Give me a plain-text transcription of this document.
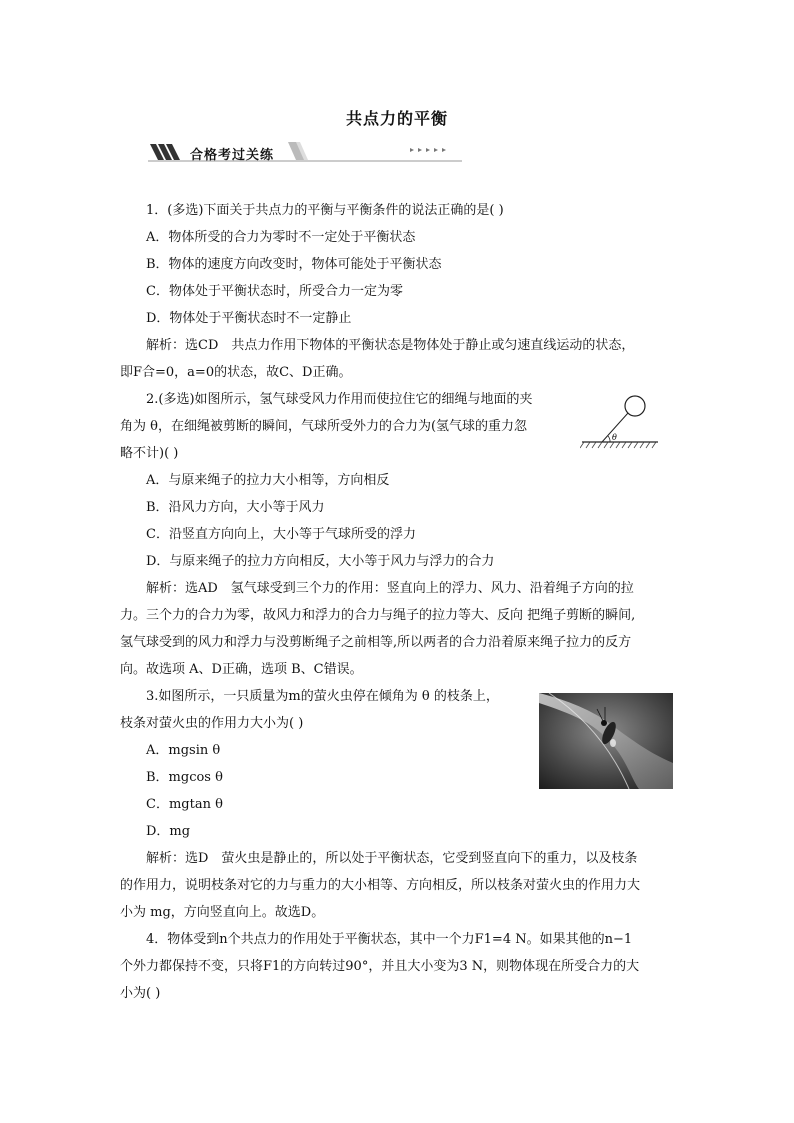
共点力的平衡
合格考过关练
1．(多选)下面关于共点力的平衡与平衡条件的说法正确的是( )
A．物体所受的合力为零时不一定处于平衡状态
B．物体的速度方向改变时，物体可能处于平衡状态
C．物体处于平衡状态时，所受合力一定为零
D．物体处于平衡状态时不一定静止
解析：选CD　共点力作用下物体的平衡状态是物体处于静止或匀速直线运动的状态，
即F合=0，a=0的状态，故C、D正确。
2.(多选)如图所示，氢气球受风力作用而使拉住它的细绳与地面的夹
角为 θ，在细绳被剪断的瞬间，气球所受外力的合力为(氢气球的重力忽
略不计)( )
A．与原来绳子的拉力大小相等，方向相反
B．沿风力方向，大小等于风力
C．沿竖直方向向上，大小等于气球所受的浮力
D．与原来绳子的拉力方向相反，大小等于风力与浮力的合力
解析：选AD　氢气球受到三个力的作用：竖直向上的浮力、风力、沿着绳子方向的拉
力。三个力的合力为零，故风力和浮力的合力与绳子的拉力等大、反向 把绳子剪断的瞬间,
氢气球受到的风力和浮力与没剪断绳子之前相等,所以两者的合力沿着原来绳子拉力的反方
向。故选项 A、D正确，选项 B、C错误。
3.如图所示，一只质量为m的萤火虫停在倾角为 θ 的枝条上，
枝条对萤火虫的作用力大小为( )
A．mgsin θ
B．mgcos θ
C．mgtan θ
D．mg
解析：选D　萤火虫是静止的，所以处于平衡状态，它受到竖直向下的重力，以及枝条
的作用力，说明枝条对它的力与重力的大小相等、方向相反，所以枝条对萤火虫的作用力大
小为 mg，方向竖直向上。故选D。
4．物体受到n个共点力的作用处于平衡状态，其中一个力F1=4 N。如果其他的n−1
个外力都保持不变，只将F1的方向转过90°，并且大小变为3 N，则物体现在所受合力的大
小为( )
θ
